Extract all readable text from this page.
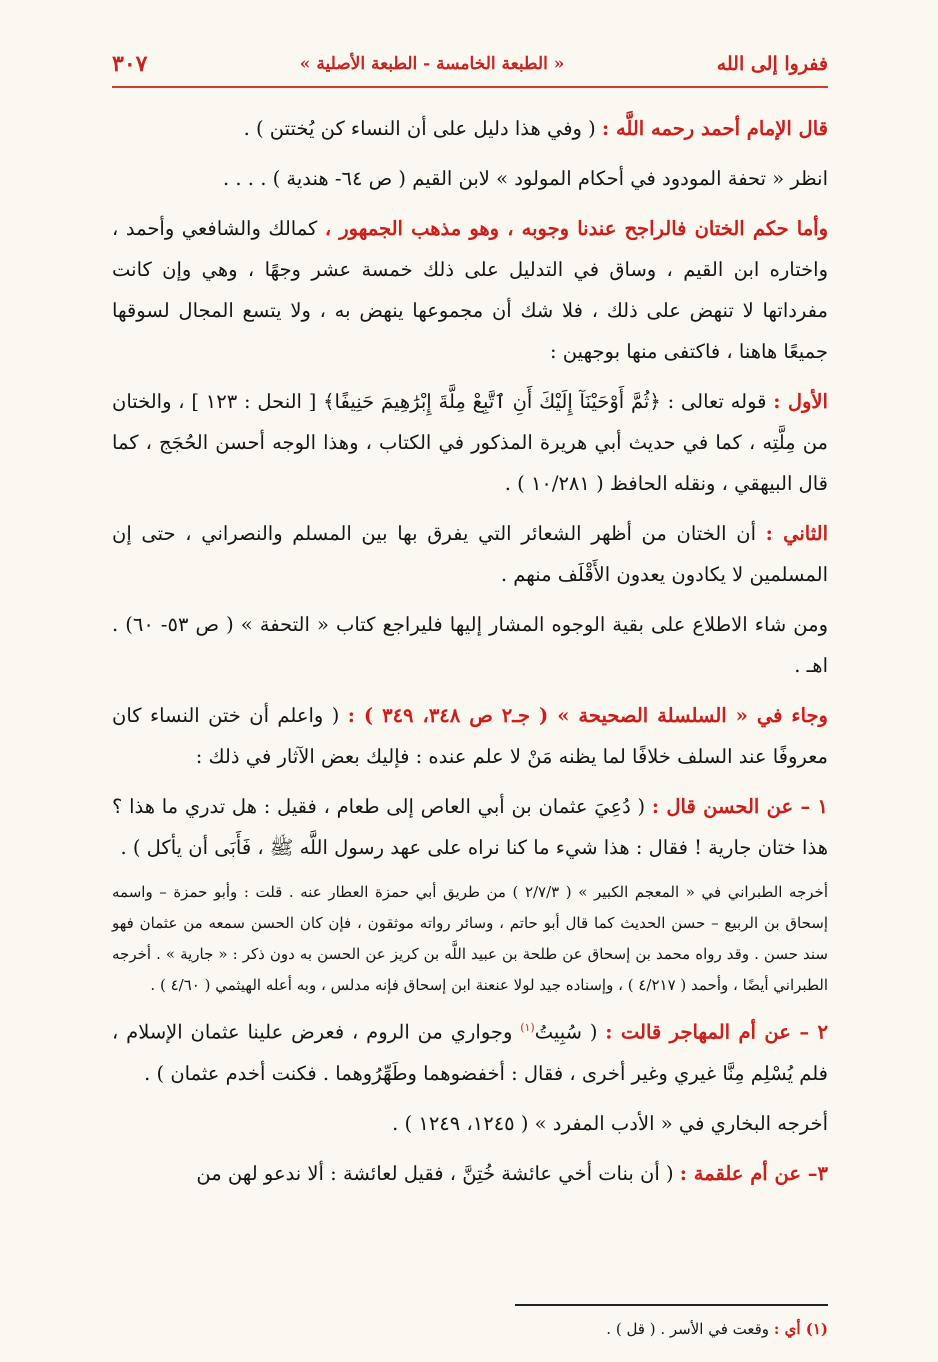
ففروا إلى الله
« الطبعة الخامسة - الطبعة الأصلية »
٣٠٧

قال الإمام أحمد رحمه اللَّه : ( وفي هذا دليل على أن النساء كن يُختتن ) .

انظر « تحفة المودود في أحكام المولود » لابن القيم ( ص ٦٤- هندية ) . . . .

وأما حكم الختان فالراجح عندنا وجوبه ، وهو مذهب الجمهور ، كمالك والشافعي وأحمد ، واختاره ابن القيم ، وساق في التدليل على ذلك خمسة عشر وجهًا ، وهي وإن كانت مفرداتها لا تنهض على ذلك ، فلا شك أن مجموعها ينهض به ، ولا يتسع المجال لسوقها جميعًا هاهنا ، فاكتفى منها بوجهين :

الأول : قوله تعالى : ﴿ثُمَّ أَوْحَيْنَآ إِلَيْكَ أَنِ ٱتَّبِعْ مِلَّةَ إِبْرَٰهِيمَ حَنِيفًا﴾ [ النحل : ١٢٣ ] ، والختان من مِلَّتِه ، كما في حديث أبي هريرة المذكور في الكتاب ، وهذا الوجه أحسن الحُجَج ، كما قال البيهقي ، ونقله الحافظ ( ١٠/٢٨١ ) .

الثاني : أن الختان من أظهر الشعائر التي يفرق بها بين المسلم والنصراني ، حتى إن المسلمين لا يكادون يعدون الأَقْلَف منهم .

ومن شاء الاطلاع على بقية الوجوه المشار إليها فليراجع كتاب « التحفة » ( ص ٥٣- ٦٠) . اهـ .

وجاء في « السلسلة الصحيحة » ( جـ٢ ص ٣٤٨، ٣٤٩ ) : ( واعلم أن ختن النساء كان معروفًا عند السلف خلافًا لما يظنه مَنْ لا علم عنده : فإليك بعض الآثار في ذلك :

١ – عن الحسن قال : ( دُعِيَ عثمان بن أبي العاص إلى طعام ، فقيل : هل تدري ما هذا ؟ هذا ختان جارية ! فقال : هذا شيء ما كنا نراه على عهد رسول اللَّه ﷺ ، فَأَبَى أن يأكل ) .

أخرجه الطبراني في « المعجم الكبير » ( ٢/٧/٣ ) من طريق أبي حمزة العطار عنه . قلت : وأبو حمزة – واسمه إسحاق بن الربيع – حسن الحديث كما قال أبو حاتم ، وسائر رواته موثقون ، فإن كان الحسن سمعه من عثمان فهو سند حسن . وقد رواه محمد بن إسحاق عن طلحة بن عبيد اللَّه بن كريز عن الحسن به دون ذكر : « جارية » . أخرجه الطبراني أيضًا ، وأحمد ( ٤/٢١٧ ) ، وإسناده جيد لولا عنعنة ابن إسحاق فإنه مدلس ، وبه أعله الهيثمي ( ٤/٦٠ ) .

٢ – عن أم المهاجر قالت : ( سُبِيتُ$^{(١)}$ وجواري من الروم ، فعرض علينا عثمان الإسلام ، فلم يُسْلِم مِنَّا غيري وغير أخرى ، فقال : أخفضوهما وطَهِّرُوهما . فكنت أخدم عثمان ) .

أخرجه البخاري في « الأدب المفرد » ( ١٢٤٥، ١٢٤٩ ) .

٣– عن أم علقمة : ( أن بنات أخي عائشة خُتِنَّ ، فقيل لعائشة : ألا ندعو لهن من

(١) أي : وقعت في الأسر . ( قل ) .
